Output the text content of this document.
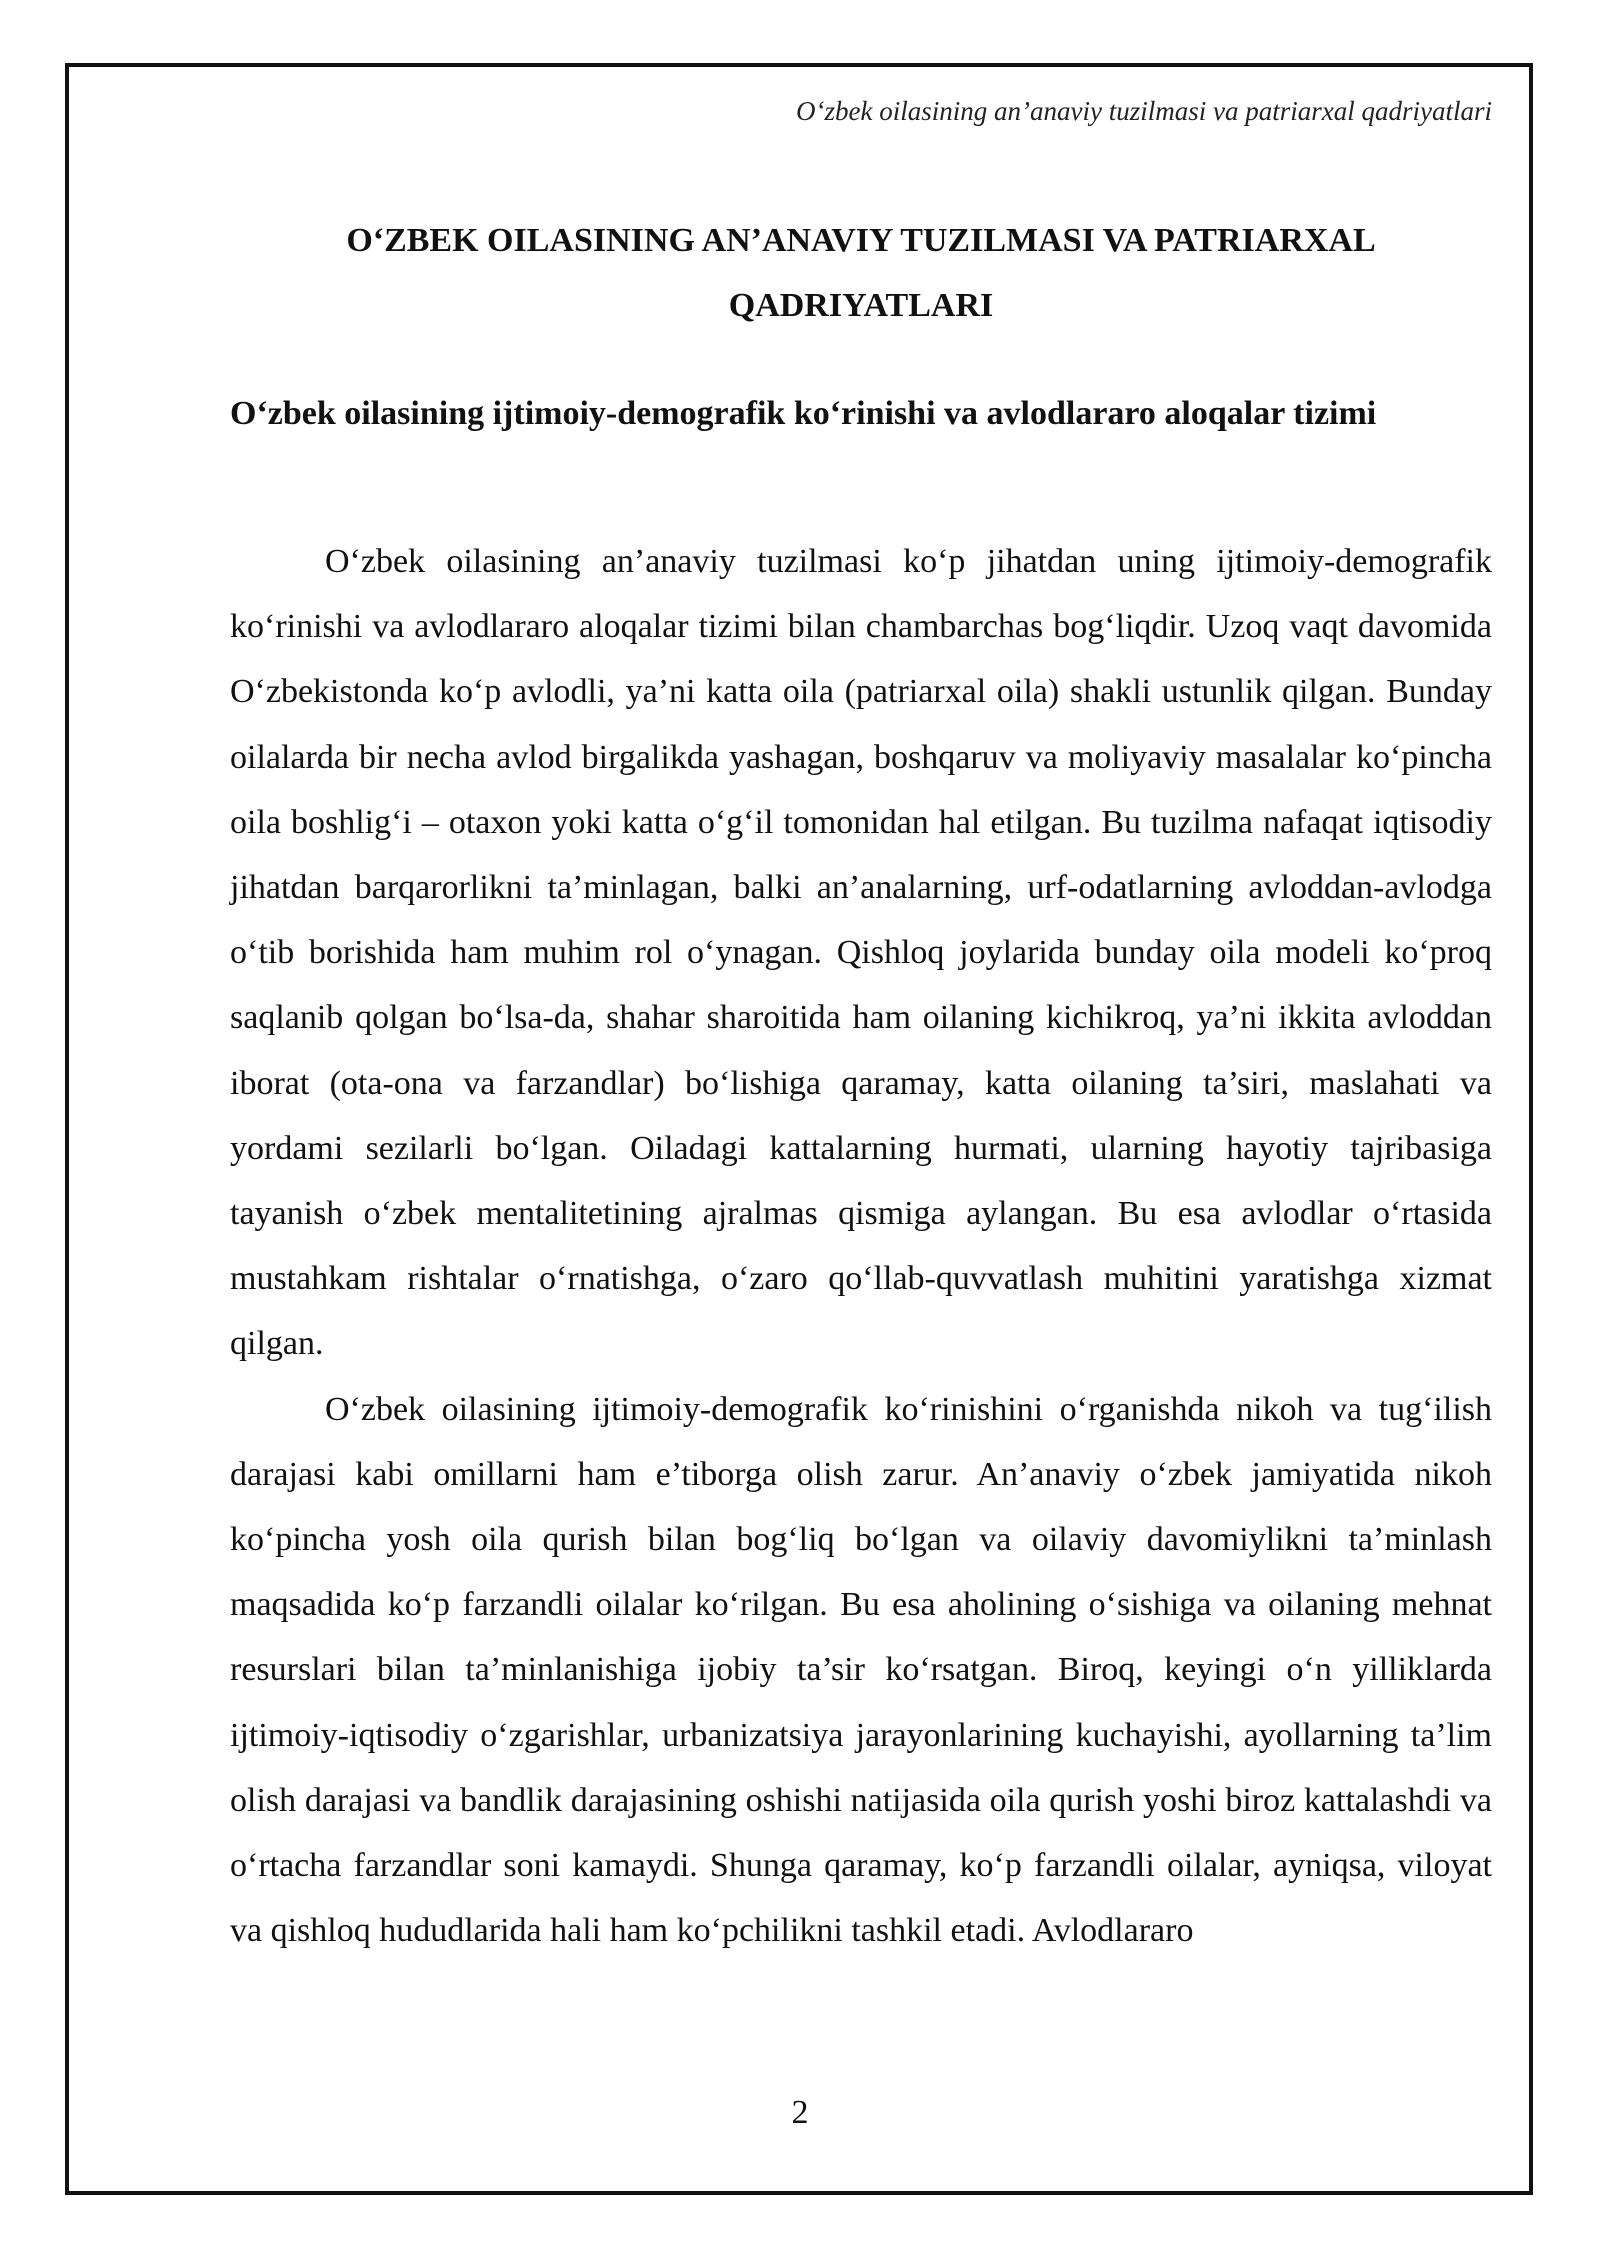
O‘zbek oilasining an’anaviy tuzilmasi va patriarxal qadriyatlari
O‘ZBEK OILASINING AN’ANAVIY TUZILMASI VA PATRIARXAL QADRIYATLARI
O‘zbek oilasining ijtimoiy-demografik ko‘rinishi va avlodlararo aloqalar tizimi

O‘zbek oilasining an’anaviy tuzilmasi ko‘p jihatdan uning ijtimoiy-demografik ko‘rinishi va avlodlararo aloqalar tizimi bilan chambarchas bog‘liqdir. Uzoq vaqt davomida O‘zbekistonda ko‘p avlodli, ya’ni katta oila (patriarxal oila) shakli ustunlik qilgan. Bunday oilalarda bir necha avlod birgalikda yashagan, boshqaruv va moliyaviy masalalar ko‘pincha oila boshlig‘i – otaxon yoki katta o‘g‘il tomonidan hal etilgan. Bu tuzilma nafaqat iqtisodiy jihatdan barqarorlikni ta’minlagan, balki an’analarning, urf-odatlarning avloddan-avlodga o‘tib borishida ham muhim rol o‘ynagan. Qishloq joylarida bunday oila modeli ko‘proq saqlanib qolgan bo‘lsa-da, shahar sharoitida ham oilaning kichikroq, ya’ni ikkita avloddan iborat (ota-ona va farzandlar) bo‘lishiga qaramay, katta oilaning ta’siri, maslahati va yordami sezilarli bo‘lgan. Oiladagi kattalarning hurmati, ularning hayotiy tajribasiga tayanish o‘zbek mentalitetining ajralmas qismiga aylangan. Bu esa avlodlar o‘rtasida mustahkam rishtalar o‘rnatishga, o‘zaro qo‘llab-quvvatlash muhitini yaratishga xizmat qilgan.

O‘zbek oilasining ijtimoiy-demografik ko‘rinishini o‘rganishda nikoh va tug‘ilish darajasi kabi omillarni ham e’tiborga olish zarur. An’anaviy o‘zbek jamiyatida nikoh ko‘pincha yosh oila qurish bilan bog‘liq bo‘lgan va oilaviy davomiylikni ta’minlash maqsadida ko‘p farzandli oilalar ko‘rilgan. Bu esa aholining o‘sishiga va oilaning mehnat resurslari bilan ta’minlanishiga ijobiy ta’sir ko‘rsatgan. Biroq, keyingi o‘n yilliklarda ijtimoiy-iqtisodiy o‘zgarishlar, urbanizatsiya jarayonlarining kuchayishi, ayollarning ta’lim olish darajasi va bandlik darajasining oshishi natijasida oila qurish yoshi biroz kattalashdi va o‘rtacha farzandlar soni kamaydi. Shunga qaramay, ko‘p farzandli oilalar, ayniqsa, viloyat va qishloq hududlarida hali ham ko‘pchilikni tashkil etadi. Avlodlararo

2
